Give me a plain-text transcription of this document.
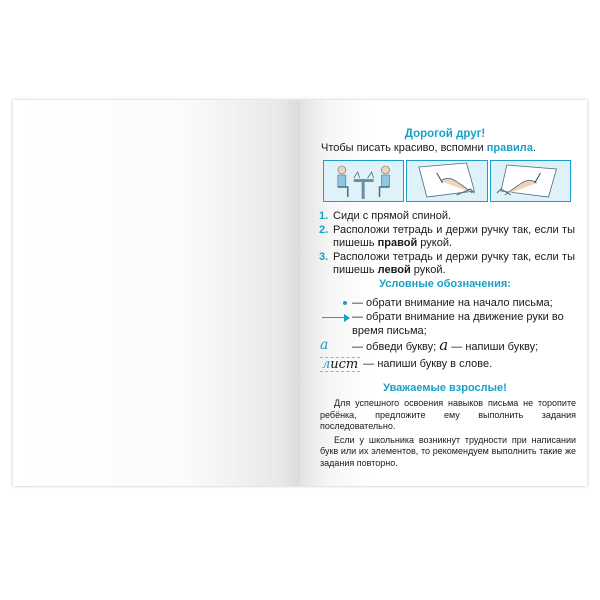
Дорогой друг!
Чтобы писать красиво, вспомни правила.
1. Сиди с прямой спиной.
2. Расположи тетрадь и держи ручку так, если ты пишешь правой рукой.
3. Расположи тетрадь и держи ручку так, если ты пишешь левой рукой.
Условные обозначения:
— обрати внимание на начало письма;
— обрати внимание на движение руки во время письма;
a	— обведи букву; а — напиши букву;
лист — напиши букву в слове.
Уважаемые взрослые!

Для успешного освоения навыков письма не торопите ребёнка, предложите ему выполнить задания последовательно.

Если у школьника возникнут трудности при написании букв или их элементов, то рекомендуем выполнить такие же задания повторно.
